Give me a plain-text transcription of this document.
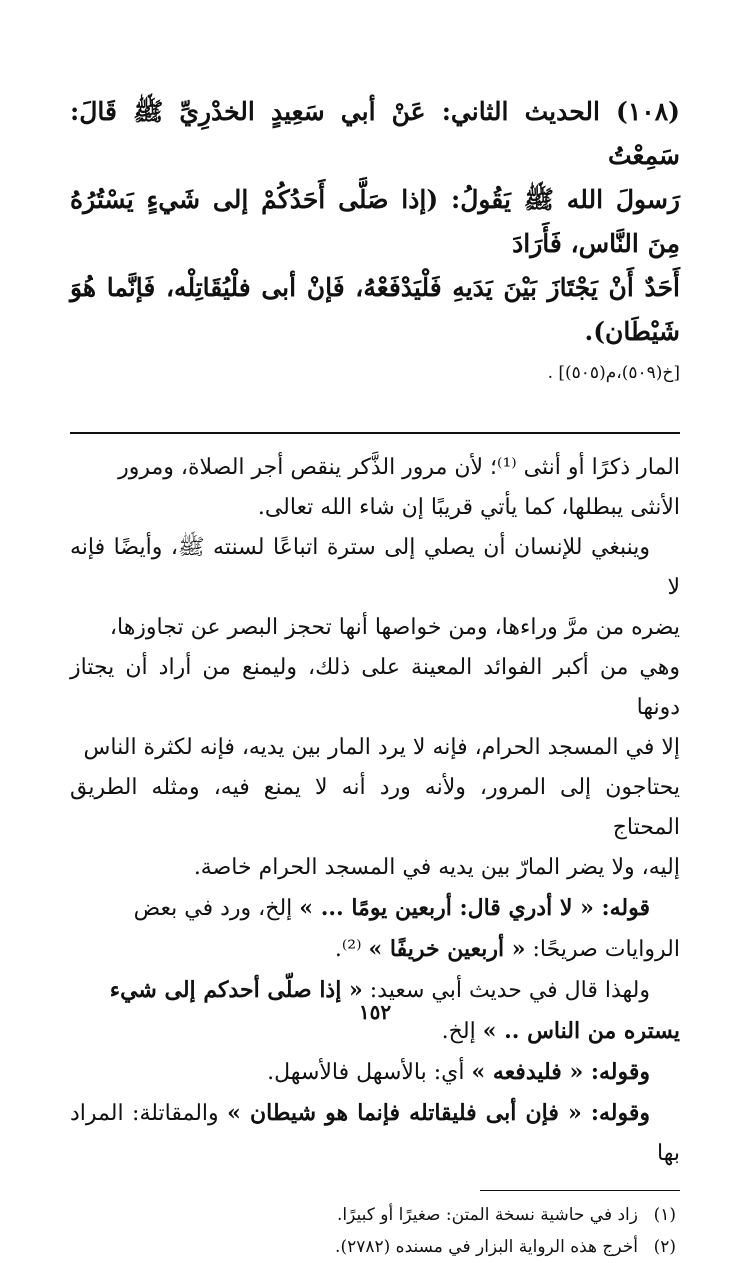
(١٠٨) الحديث الثاني: عَنْ أبي سَعِيدٍ الخدْرِيِّ ﷺ قَالَ: سَمِعْتُ

رَسولَ الله ﷺ يَقُولُ: (إذا صَلَّى أَحَدُكُمْ إلى شَيءٍ يَسْتُرُهُ مِنَ النَّاس، فَأَرَادَ

أَحَدٌ أَنْ يَجْتَازَ بَيْنَ يَدَيهِ فَلْيَدْفَعْهُ، فَإنْ أبى فلْيُقَاتِلْه، فَإنَّما هُوَ شَيْطَان).

[خ(٥٠٩)،م(٥٠٥)] .

المار ذكرًا أو أنثى ⁽¹⁾؛ لأن مرور الذَّكر ينقص أجر الصلاة، ومرور

الأنثى يبطلها، كما يأتي قريبًا إن شاء الله تعالى.

وينبغي للإنسان أن يصلي إلى سترة اتباعًا لسنته ﷺ، وأيضًا فإنه لا

يضره من مرَّ وراءها، ومن خواصها أنها تحجز البصر عن تجاوزها،

وهي من أكبر الفوائد المعينة على ذلك، وليمنع من أراد أن يجتاز دونها

إلا في المسجد الحرام، فإنه لا يرد المار بين يديه، فإنه لكثرة الناس

يحتاجون إلى المرور، ولأنه ورد أنه لا يمنع فيه، ومثله الطريق المحتاج

إليه، ولا يضر المارّ بين يديه في المسجد الحرام خاصة.

قوله: « لا أدري قال: أربعين يومًا ... » إلخ، ورد في بعض

الروايات صريحًا: « أربعين خريفًا » ⁽²⁾.

ولهذا قال في حديث أبي سعيد: « إذا صلّى أحدكم إلى شيء

يستره من الناس .. » إلخ.

وقوله: « فليدفعه » أي: بالأسهل فالأسهل.

وقوله: « فإن أبى فليقاتله فإنما هو شيطان » والمقاتلة: المراد بها

(١)زاد في حاشية نسخة المتن: صغيرًا أو كبيرًا.

(٢)أخرج هذه الرواية البزار في مسنده (٢٧٨٢).

١٥٢
